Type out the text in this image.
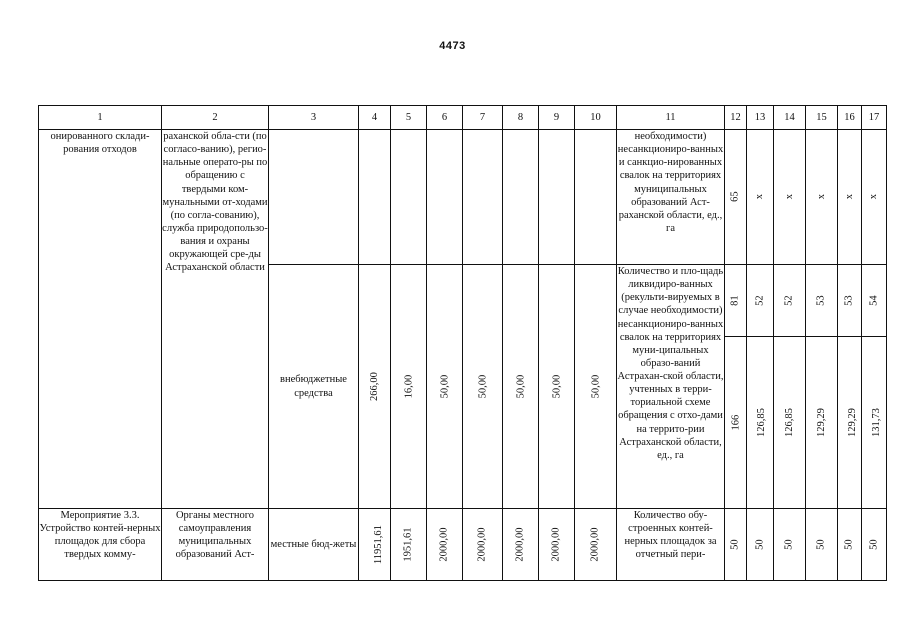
4473
1	2	3	4	5	6	7	8	9	10	11	12	13	14	15	16	17
онированного склади-рования отходов	раханской обла-сти (по согласо-ванию), регио-нальные операто-ры по обращению с твердыми ком-мунальными от-ходами (по согла-сованию), служба природопользо-вания и охраны окружающей сре-ды Астраханской области									необходимости) несанкциониро-ванных и санкцио-нированных свалок на территориях муниципальных образований Аст-раханской области, ед., га	65	x	x	x	x	x
		внебюджетные средства	266,00	16,00	50,00	50,00	50,00	50,00	50,00	Количество и пло-щадь ликвидиро-ванных (рекульти-вируемых в случае необходимости) несанкциониро-ванных свалок на территориях муни-ципальных образо-ваний Астрахан-ской области, учтенных в терри-ториальной схеме обращения с отхо-дами на террито-рии Астраханской области, ед., га	81	52	52	53	53	54
											166	126,85	126,85	129,29	129,29	131,73
Мероприятие 3.3. Устройство контей-нерных площадок для сбора твердых комму-	Органы местного самоуправления муниципальных образований Аст-	местные бюд-жеты	11951,61	1951,61	2000,00	2000,00	2000,00	2000,00	2000,00	Количество обу-строенных контей-нерных площадок за отчетный пери-	50	50	50	50	50	50
